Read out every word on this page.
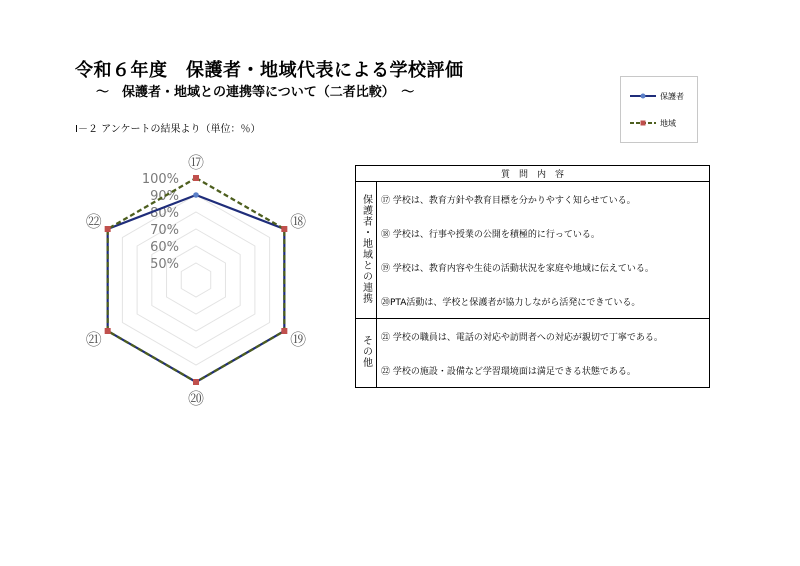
令和６年度　保護者・地域代表による学校評価
～　保護者・地域との連携等について（二者比較）　～
Ⅰ－２ アンケートの結果より（単位：％）
保護者
地域
100%
90%
80%
70%
60%
50%
⑰
⑱
⑲
⑳
㉑
㉒
質　問　内　容	
保護者・地域との連携	⑰ 学校は、教育方針や教育目標を分かりやすく知らせている。
	⑱ 学校は、行事や授業の公開を積極的に行っている。
	⑲ 学校は、教育内容や生徒の活動状況を家庭や地域に伝えている。
	⑳PTA活動は、学校と保護者が協力しながら活発にできている。
その他	㉑ 学校の職員は、電話の対応や訪問者への対応が親切で丁寧である。
	㉒ 学校の施設・設備など学習環境面は満足できる状態である。
